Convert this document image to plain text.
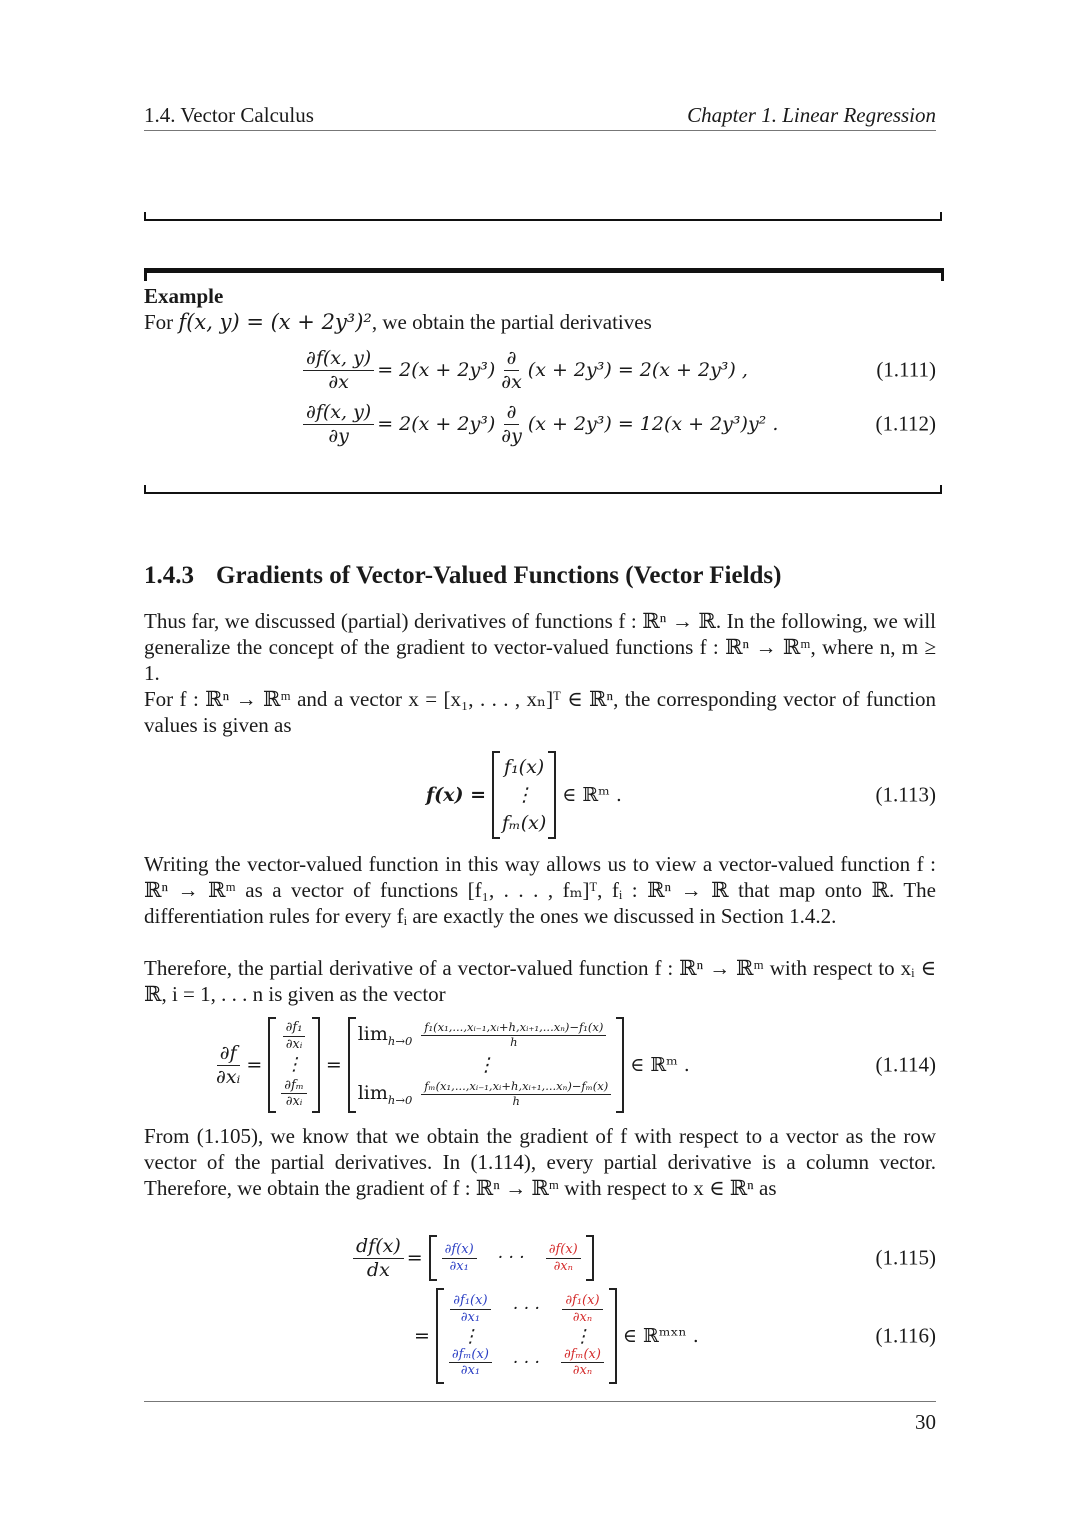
1.4. Vector Calculus	Chapter 1. Linear Regression
Example
For f(x, y) = (x + 2y³)², we obtain the partial derivatives
$\frac{\partial f(x, y)}{\partial x} = 2(x + 2y^3) \frac{\partial}{\partial x} (x + 2y^3) = 2(x + 2y^3)$ ,	(1.111)
$\frac{\partial f(x, y)}{\partial y} = 2(x + 2y^3) \frac{\partial}{\partial y} (x + 2y^3) = 12(x + 2y^3)y^2$ .	(1.112)
1.4.3 Gradients of Vector-Valued Functions (Vector Fields)
Thus far, we discussed (partial) derivatives of functions f : ℝⁿ → ℝ. In the following, we will generalize the concept of the gradient to vector-valued functions f : ℝⁿ → ℝᵐ, where n, m ≥ 1.
For f : ℝⁿ → ℝᵐ and a vector x = [x₁, . . . , xₙ]ᵀ ∈ ℝⁿ, the corresponding vector of function values is given as
f(x) =
f₁(x)
⋮
fₘ(x)
∈ ℝᵐ .	(1.113)
Writing the vector-valued function in this way allows us to view a vector-valued function f : ℝⁿ → ℝᵐ as a vector of functions [f₁, . . . , fₘ]ᵀ, fᵢ : ℝⁿ → ℝ that map onto ℝ. The differentiation rules for every fᵢ are exactly the ones we discussed in Section 1.4.2.
Therefore, the partial derivative of a vector-valued function f : ℝⁿ → ℝᵐ with respect to xᵢ ∈ ℝ, i = 1, . . . n is given as the vector
$\frac{\partial f}{\text{∂xᵢ}}$ =
$\frac{\text{∂f₁}}{\text{∂xᵢ}}$
⋮
$\frac{\text{∂fₘ}}{\text{∂xᵢ}}$
=
$\lim_{h\to 0} \frac{\text{f₁(x₁,...,xᵢ₋₁,xᵢ+h,xᵢ₊₁,...xₙ)−f₁(x)}}{h}$
⋮
$\lim_{h\to 0} \frac{\text{fₘ(x₁,...,xᵢ₋₁,xᵢ+h,xᵢ₊₁,...xₙ)−fₘ(x)}}{h}$
∈ ℝᵐ .	(1.114)
From (1.105), we know that we obtain the gradient of f with respect to a vector as the row vector of the partial derivatives. In (1.114), every partial derivative is a column vector. Therefore, we obtain the gradient of f : ℝⁿ → ℝᵐ with respect to x ∈ ℝⁿ as
$\frac{df(x)}{dx} = \frac{\partial f(x)}{\text{∂x₁}}$ · · · $\frac{\partial f(x)}{\text{∂xₙ}}$	(1.115)
=
$\frac{\text{∂f₁(x)}}{\text{∂x₁}}$ · · · $\frac{\text{∂f₁(x)}}{\text{∂xₙ}}$
⋮	⋮
$\frac{\text{∂fₘ(x)}}{\text{∂x₁}}$ · · · $\frac{\text{∂fₘ(x)}}{\text{∂xₙ}}$
∈ ℝᵐˣⁿ .	(1.116)
30
